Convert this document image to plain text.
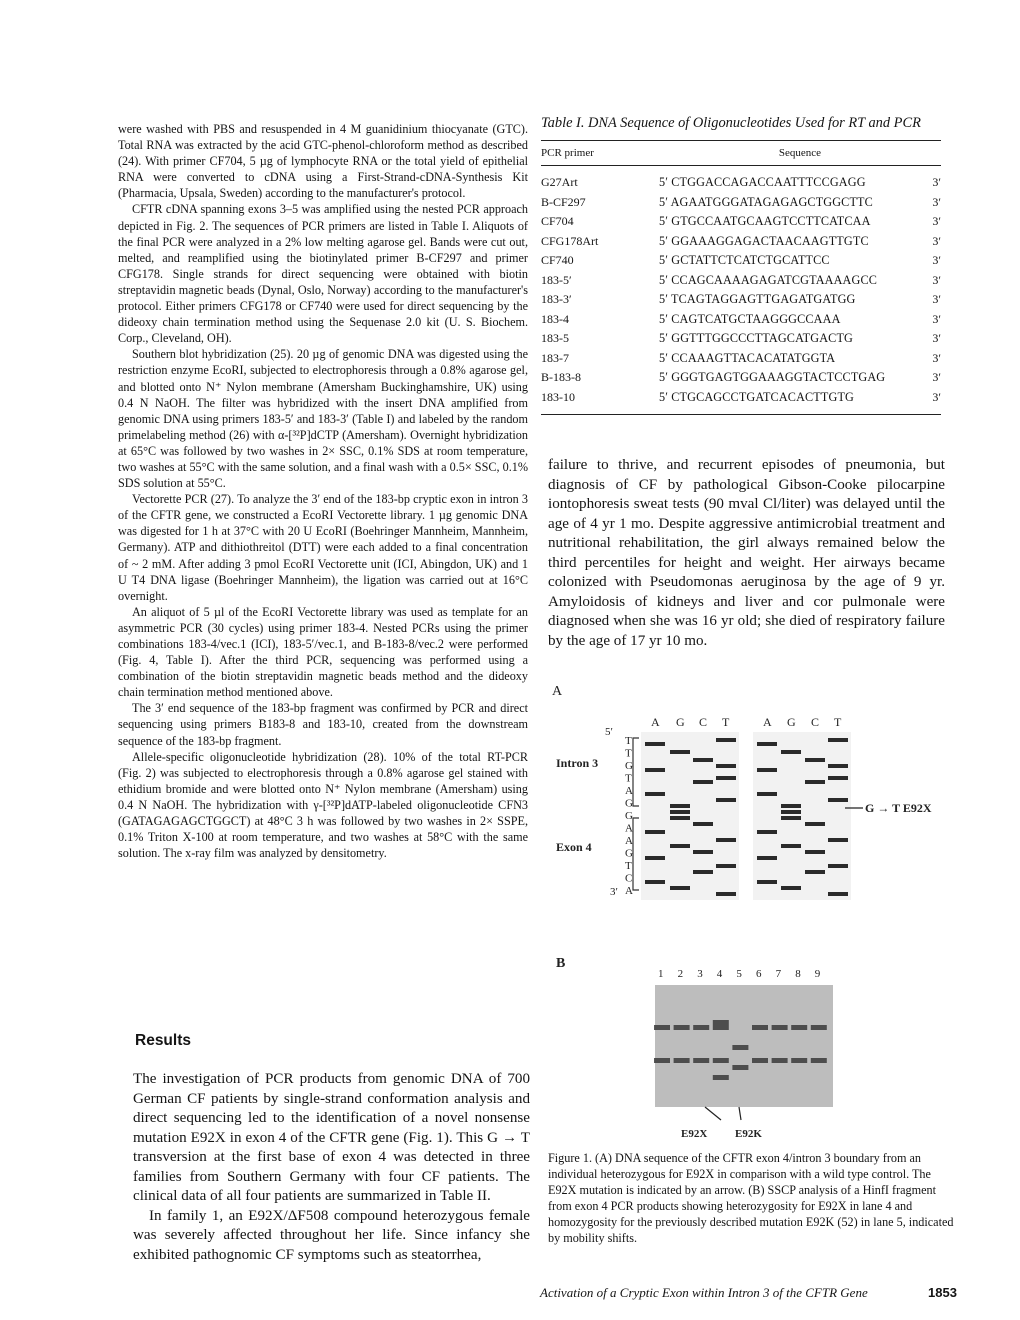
were washed with PBS and resuspended in 4 M guanidinium thiocyanate (GTC). Total RNA was extracted by the acid GTC-phenol-chloroform method as described (24). With primer CF704, 5 µg of lymphocyte RNA or the total yield of epithelial RNA were converted to cDNA using a First-Strand-cDNA-Synthesis Kit (Pharmacia, Upsala, Sweden) according to the manufacturer's protocol.

CFTR cDNA spanning exons 3–5 was amplified using the nested PCR approach depicted in Fig. 2. The sequences of PCR primers are listed in Table I. Aliquots of the final PCR were analyzed in a 2% low melting agarose gel. Bands were cut out, melted, and reamplified using the biotinylated primer B-CF297 and primer CFG178. Single strands for direct sequencing were obtained with biotin streptavidin magnetic beads (Dynal, Oslo, Norway) according to the manufacturer's protocol. Either primers CFG178 or CF740 were used for direct sequencing by the dideoxy chain termination method using the Sequenase 2.0 kit (U. S. Biochem. Corp., Cleveland, OH).

Southern blot hybridization (25). 20 µg of genomic DNA was digested using the restriction enzyme EcoRI, subjected to electrophoresis through a 0.8% agarose gel, and blotted onto N⁺ Nylon membrane (Amersham Buckinghamshire, UK) using 0.4 N NaOH. The filter was hybridized with the insert DNA amplified from genomic DNA using primers 183-5′ and 183-3′ (Table I) and labeled by the random primelabeling method (26) with α-[³²P]dCTP (Amersham). Overnight hybridization at 65°C was followed by two washes in 2× SSC, 0.1% SDS at room temperature, two washes at 55°C with the same solution, and a final wash with a 0.5× SSC, 0.1% SDS solution at 55°C.

Vectorette PCR (27). To analyze the 3′ end of the 183-bp cryptic exon in intron 3 of the CFTR gene, we constructed a EcoRI Vectorette library. 1 µg genomic DNA was digested for 1 h at 37°C with 20 U EcoRI (Boehringer Mannheim, Mannheim, Germany). ATP and dithiothreitol (DTT) were each added to a final concentration of ~ 2 mM. After adding 3 pmol EcoRI Vectorette unit (ICI, Abingdon, UK) and 1 U T4 DNA ligase (Boehringer Mannheim), the ligation was carried out at 16°C overnight.

An aliquot of 5 µl of the EcoRI Vectorette library was used as template for an asymmetric PCR (30 cycles) using primer 183-4. Nested PCRs using the primer combinations 183-4/vec.1 (ICI), 183-5′/vec.1, and B-183-8/vec.2 were performed (Fig. 4, Table I). After the third PCR, sequencing was performed using a combination of the biotin streptavidin magnetic beads method and the dideoxy chain termination method mentioned above.

The 3′ end sequence of the 183-bp fragment was confirmed by PCR and direct sequencing using primers B183-8 and 183-10, created from the downstream sequence of the 183-bp fragment.

Allele-specific oligonucleotide hybridization (28). 10% of the total RT-PCR (Fig. 2) was subjected to electrophoresis through a 0.8% agarose gel stained with ethidium bromide and were blotted onto N⁺ Nylon membrane (Amersham) using 0.4 N NaOH. The hybridization with γ-[³²P]dATP-labeled oligonucleotide CFN3 (GATAGAGAGCTGGCT) at 48°C 3 h was followed by two washes in 2× SSPE, 0.1% Triton X-100 at room temperature, and two washes at 58°C with the same solution. The x-ray film was analyzed by densitometry.

Results

The investigation of PCR products from genomic DNA of 700 German CF patients by single-strand conformation analysis and direct sequencing led to the identification of a novel nonsense mutation E92X in exon 4 of the CFTR gene (Fig. 1). This G → T transversion at the first base of exon 4 was detected in three families from Southern Germany with four CF patients. The clinical data of all four patients are summarized in Table II.

In family 1, an E92X/ΔF508 compound heterozygous female was severely affected throughout her life. Since infancy she exhibited pathognomic CF symptoms such as steatorrhea,

Table I. DNA Sequence of Oligonucleotides Used for RT and PCR
PCR primer	Sequence	
G27Art	5′ CTGGACCAGACCAATTTCCGAGG	3′
B-CF297	5′ AGAATGGGATAGAGAGCTGGCTTC	3′
CF704	5′ GTGCCAATGCAAGTCCTTCATCAA	3′
CFG178Art	5′ GGAAAGGAGACTAACAAGTTGTC	3′
CF740	5′ GCTATTCTCATCTGCATTCC	3′
183-5′	5′ CCAGCAAAAGAGATCGTAAAAGCC	3′
183-3′	5′ TCAGTAGGAGTTGAGATGATGG	3′
183-4	5′ CAGTCATGCTAAGGGCCAAA	3′
183-5	5′ GGTTTGGCCCTTAGCATGACTG	3′
183-7	5′ CCAAAGTTACACATATGGTA	3′
B-183-8	5′ GGGTGAGTGGAAAGGTACTCCTGAG	3′
183-10	5′ CTGCAGCCTGATCACACTTGTG	3′

failure to thrive, and recurrent episodes of pneumonia, but diagnosis of CF by pathological Gibson-Cooke pilocarpine iontophoresis sweat tests (90 mval Cl/liter) was delayed until the age of 4 yr 1 mo. Despite aggressive antimicrobial treatment and nutritional rehabilitation, the girl always remained below the third percentiles for height and weight. Her airways became colonized with Pseudomonas aeruginosa by the age of 9 yr. Amyloidosis of kidneys and liver and cor pulmonale were diagnosed when she was 16 yr old; she died of respiratory failure by the age of 17 yr 10 mo.

A
5′
3′
Intron 3
Exon 4
A G C T	A G C T
T
T
G
T
A
G
G
A
A
G
T
C
A
G → T E92X
B
1 2 3 4 5 6 7 8 9
E92X	E92K
Figure 1. (A) DNA sequence of the CFTR exon 4/intron 3 boundary from an individual heterozygous for E92X in comparison with a wild type control. The E92X mutation is indicated by an arrow. (B) SSCP analysis of a HinfI fragment from exon 4 PCR products showing heterozygosity for E92X in lane 4 and homozygosity for the previously described mutation E92K (52) in lane 5, indicated by mobility shifts.
Activation of a Cryptic Exon within Intron 3 of the CFTR Gene	1853
